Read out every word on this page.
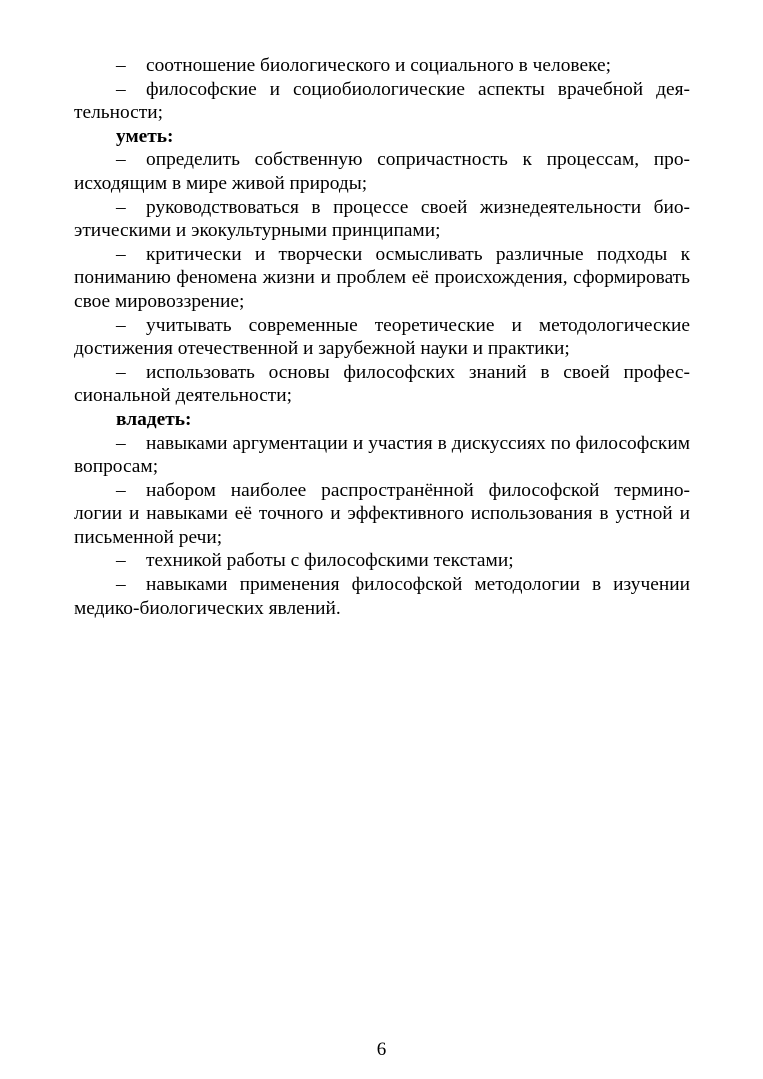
– соотношение биологического и социального в человеке;

– философские и социобиологические аспекты врачебной деятельности;

уметь:

– определить собственную сопричастность к процессам, происходящим в мире живой природы;

– руководствоваться в процессе своей жизнедеятельности биоэтическими и экокультурными принципами;

– критически и творчески осмысливать различные подходы к пониманию феномена жизни и проблем её происхождения, сформировать свое мировоззрение;

– учитывать современные теоретические и методологические достижения отечественной и зарубежной науки и практики;

– использовать основы философских знаний в своей профессиональной деятельности;

владеть:

– навыками аргументации и участия в дискуссиях по философским вопросам;

– набором наиболее распространённой философской терминологии и навыками её точного и эффективного использования в устной и письменной речи;

– техникой работы с философскими текстами;

– навыками применения философской методологии в изучении медико-биологических явлений.

6
